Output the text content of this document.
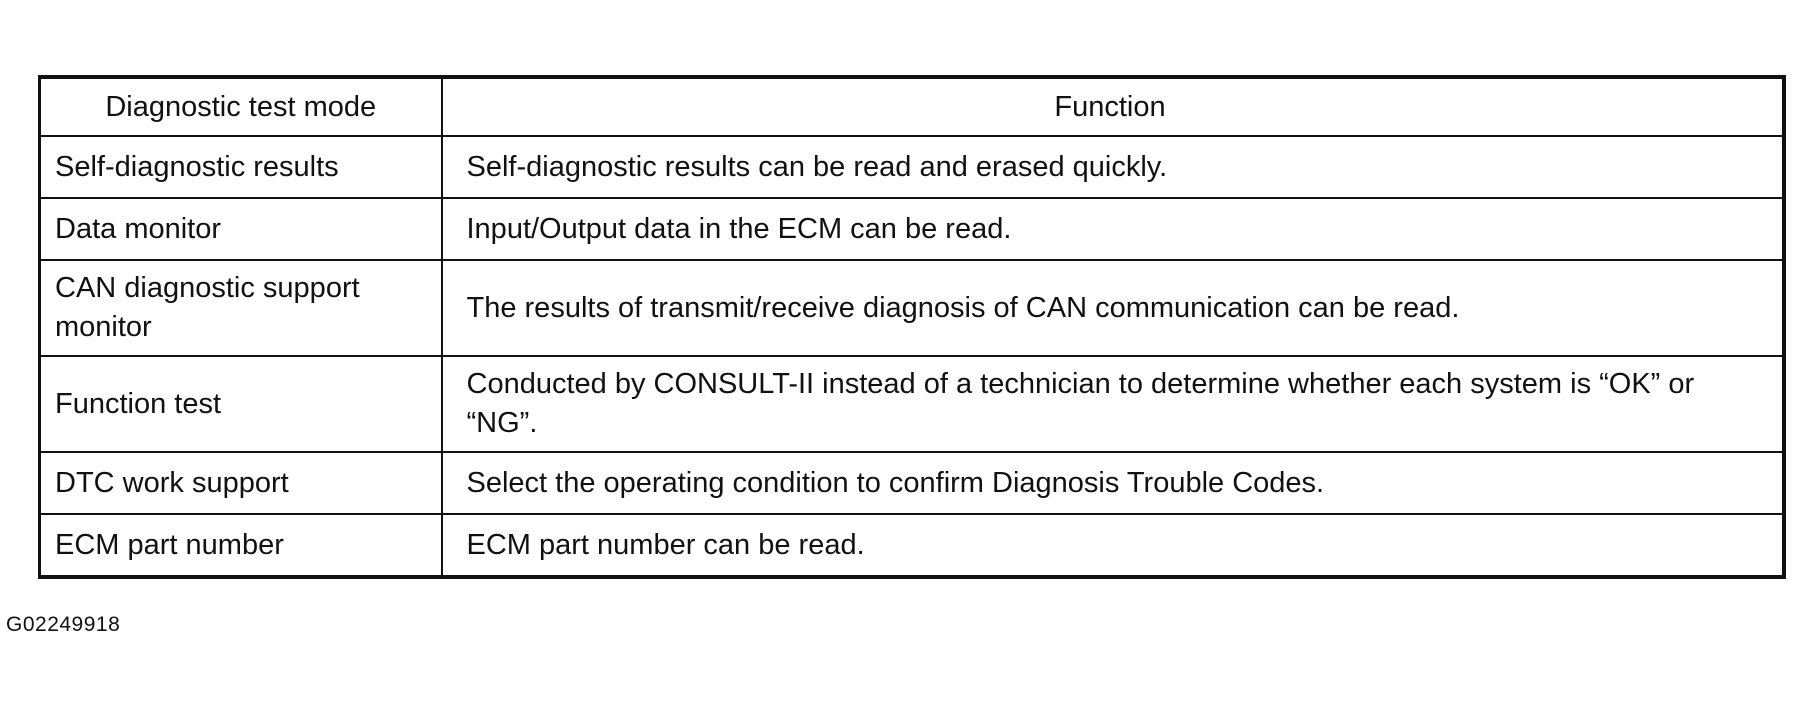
Diagnostic test mode	Function
Self-diagnostic results	Self-diagnostic results can be read and erased quickly.
Data monitor	Input/Output data in the ECM can be read.
CAN diagnostic support monitor	The results of transmit/receive diagnosis of CAN communication can be read.
Function test	Conducted by CONSULT-II instead of a technician to determine whether each system is “OK” or “NG”.
DTC work support	Select the operating condition to confirm Diagnosis Trouble Codes.
ECM part number	ECM part number can be read.
G02249918
